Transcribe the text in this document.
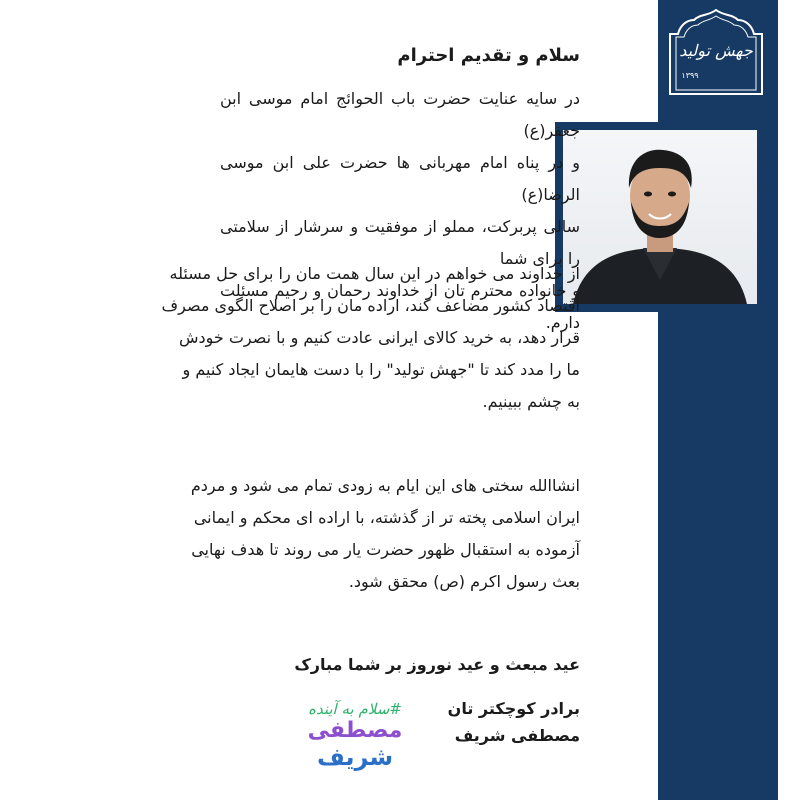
جهش تولید
۱۳۹۹
سلام و تقدیم احترام

در سایه عنایت حضرت باب الحوائج امام موسی ابن جعفر(ع)
و در پناه امام مهربانی ها حضرت علی ابن موسی الرضا(ع)
سالی پربرکت، مملو از موفقیت و سرشار از سلامتی را برای شما
و خانواده محترم تان از خداوند رحمان و رحیم مسئلت دارم.

از خداوند می خواهم در این سال همت مان را برای حل مسئله
اقتصاد کشور مضاعف کند، اراده مان را بر اصلاح الگوی مصرف
قرار دهد، به خرید کالای ایرانی عادت کنیم و با نصرت خودش
ما را مدد کند تا "جهش تولید" را با دست هایمان ایجاد کنیم و
به چشم ببینیم.

انشاالله سختی های این ایام به زودی تمام می شود و مردم
ایران اسلامی پخته تر از گذشته، با اراده ای محکم و ایمانی
آزموده به استقبال ظهور حضرت یار می روند تا هدف نهایی
بعث رسول اکرم (ص) محقق شود.

عید مبعث و عید نوروز بر شما مبارک
برادر کوچکتر تان
مصطفی شریف
#سلام به آینده
مصطفی
شریف
